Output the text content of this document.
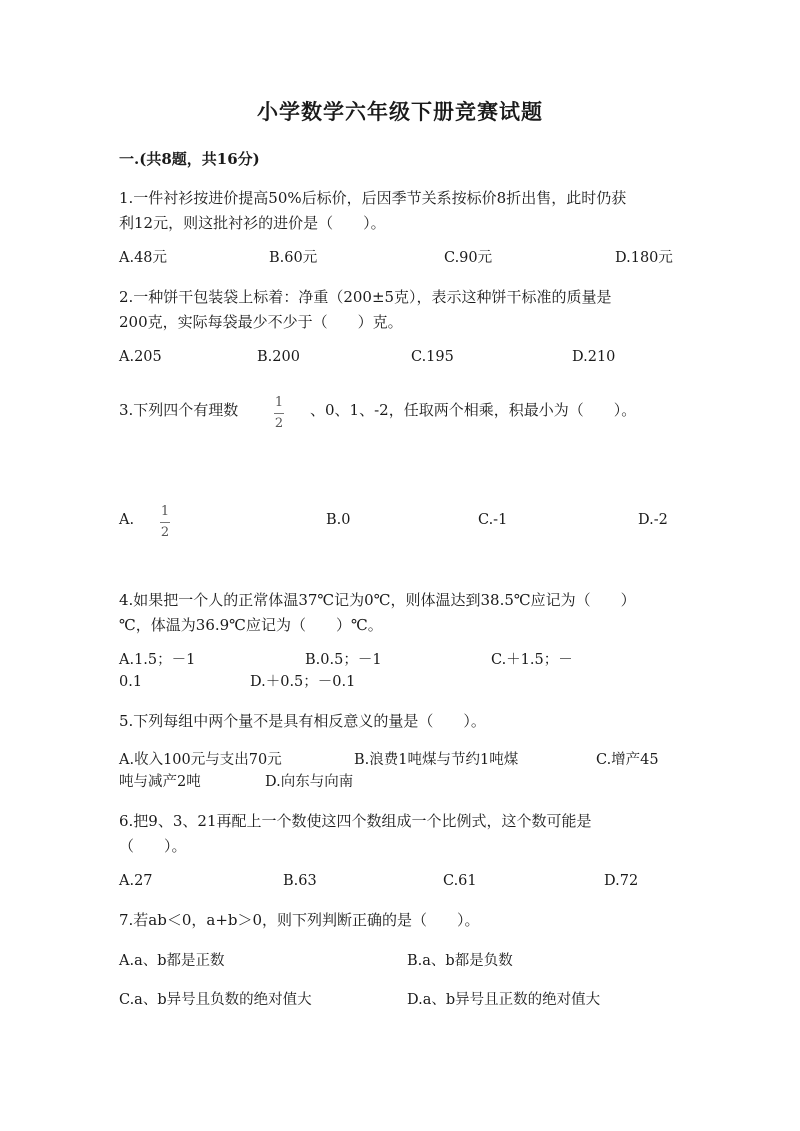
小学数学六年级下册竞赛试题
一.(共8题，共16分)
1.一件衬衫按进价提高50%后标价，后因季节关系按标价8折出售，此时仍获
利12元，则这批衬衫的进价是（　　）。
A.48元	B.60元	C.90元	D.180元
2.一种饼干包装袋上标着：净重（200±5克），表示这种饼干标准的质量是
200克，实际每袋最少不少于（　　）克。
A.205	B.200	C.195	D.210
3.下列四个有理数	1
2
、0、1、-2，任取两个相乘，积最小为（　　）。
A.
1
2
B.0	C.-1	D.-2
4.如果把一个人的正常体温37℃记为0℃，则体温达到38.5℃应记为（　　）
℃，体温为36.9℃应记为（　　）℃。
A.1.5；－1	B.0.5；－1	C.＋1.5；－
0.1	D.＋0.5；－0.1
5.下列每组中两个量不是具有相反意义的量是（　　）。
A.收入100元与支出70元	B.浪费1吨煤与节约1吨煤	C.增产45
吨与减产2吨	D.向东与向南
6.把9、3、21再配上一个数使这四个数组成一个比例式，这个数可能是
（　　）。
A.27	B.63	C.61	D.72
7.若ab＜0，a+b＞0，则下列判断正确的是（　　）。
A.a、b都是正数	B.a、b都是负数
C.a、b异号且负数的绝对值大	D.a、b异号且正数的绝对值大
